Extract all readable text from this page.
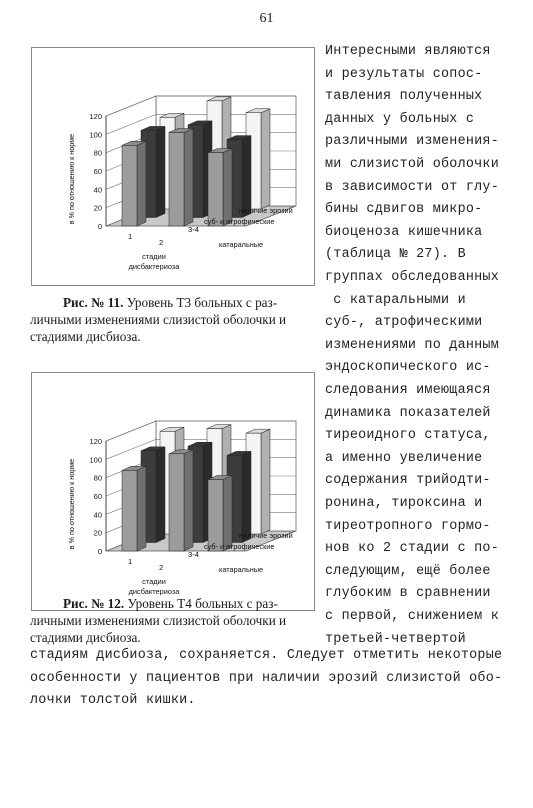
61
0
20
40
60
80
100
120
в % по отношению к норме
1
2
3-4
стадии
дисбактериоза
катаральные
суб- и атрофические
наличие эрозий
Рис. № 11. Уровень Т3 больных с раз-
личными изменениями слизистой оболочки и
стадиями дисбиоза.
0
20
40
60
80
100
120
в % по отношению к норме
1
2
3-4
стадии
дисбактериоза
катаральные
суб- и атрофические
наличие эрозий
Рис. № 12. Уровень Т4 больных с раз-
личными изменениями слизистой оболочки и
стадиями дисбиоза.
Интересными являются
и результаты сопос-
тавления полученных
данных у больных с
различными изменения-
ми слизистой оболочки
в зависимости от глу-
бины сдвигов микро-
биоценоза кишечника
(таблица № 27). В
группах обследованных
с катаральными и
суб-, атрофическими
изменениями по данным
эндоскопического ис-
следования имеющаяся
динамика показателей
тиреоидного статуса,
а именно увеличение
содержания трийодти-
ронина, тироксина и
тиреотропного гормо-
нов ко 2 стадии с по-
следующим, ещё более
глубоким в сравнении
с первой, снижением к
третьей-четвертой
стадиям дисбиоза, сохраняется. Следует отметить некоторые
особенности у пациентов при наличии эрозий слизистой обо-
лочки толстой кишки.
